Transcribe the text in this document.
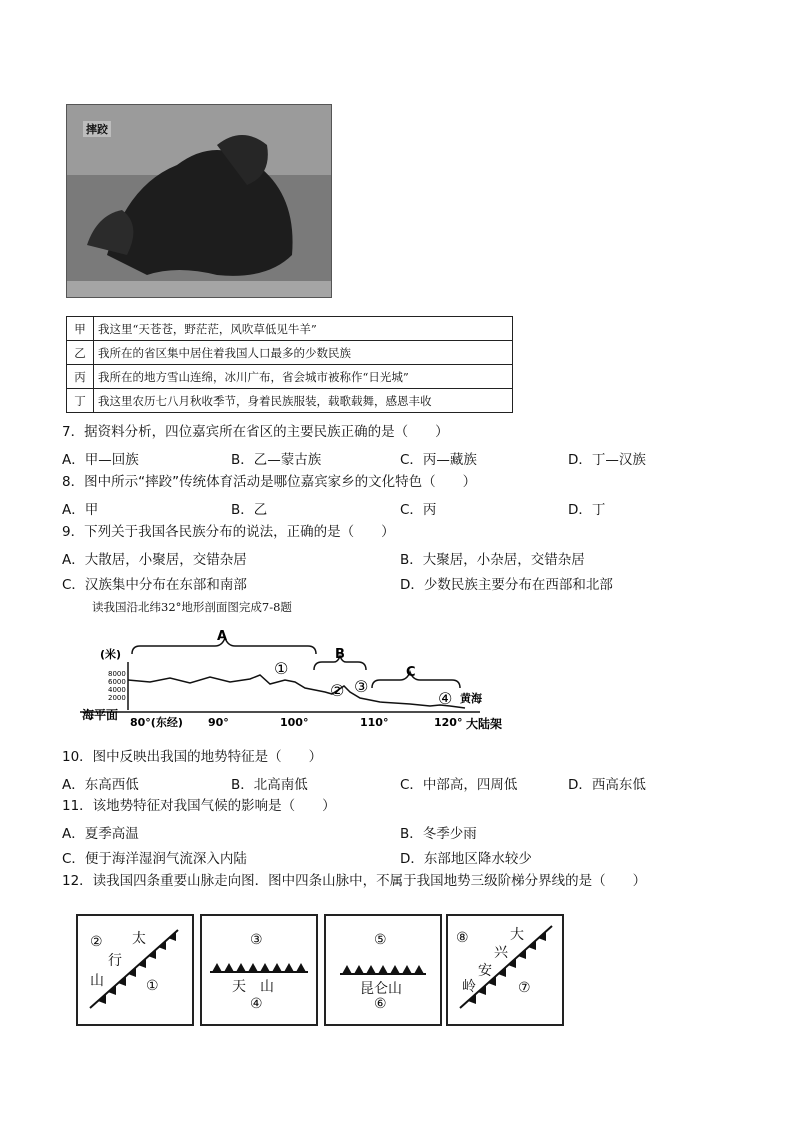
摔跤
甲	我这里“天苍苍，野茫茫，风吹草低见牛羊”
乙	我所在的省区集中居住着我国人口最多的少数民族
丙	我所在的地方雪山连绵，冰川广布，省会城市被称作“日光城”
丁	我这里农历七八月秋收季节，身着民族服装，载歌载舞，感恩丰收
7．据资料分析，四位嘉宾所在省区的主要民族正确的是（　　）
A．甲—回族	B．乙—蒙古族	C．丙—藏族	D．丁—汉族
8．图中所示“摔跤”传统体育活动是哪位嘉宾家乡的文化特色（　　）
A．甲	B．乙	C．丙	D．丁
9．下列关于我国各民族分布的说法，正确的是（　　）
A．大散居，小聚居，交错杂居	B．大聚居，小杂居，交错杂居
C．汉族集中分布在东部和南部	D．少数民族主要分布在西部和北部
读我国沿北纬32°地形剖面图完成7-8题
(米)
8000
6000
4000
2000
海平面
A
B
C
①
② ③
④ 黄海
80°(东经) 90°	100°	110°	120° 大陆架
10．图中反映出我国的地势特征是（　　）
A．东高西低	B．北高南低	C．中部高，四周低	D．西高东低
11．该地势特征对我国气候的影响是（　　）
A．夏季高温	B．冬季少雨
C．便于海洋湿润气流深入内陆	D．东部地区降水较少
12．读我国四条重要山脉走向图．图中四条山脉中，不属于我国地势三级阶梯分界线的是（　　）
② 太
行
山	①
③
天　山
④
⑤
昆仑山
⑥
⑧	大
兴
安
岭	⑦
